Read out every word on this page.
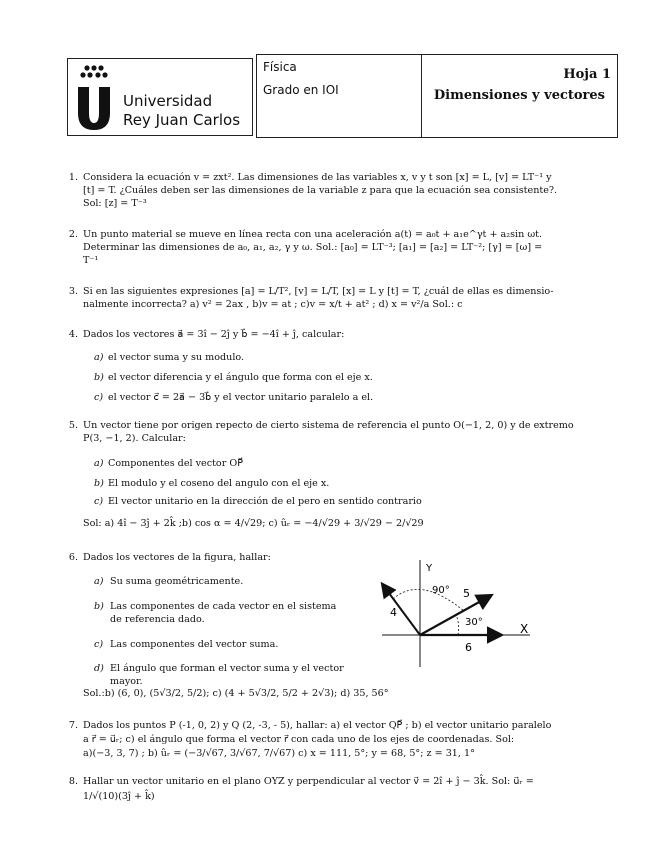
Universidad
Rey Juan Carlos
Física
Grado en IOI
Hoja 1
Dimensiones y vectores
1. Considera la ecuación v = zxt². Las dimensiones de las variables x, v y t son [x] = L, [v] = LT⁻¹ y
[t] = T. ¿Cuáles deben ser las dimensiones de la variable z para que la ecuación sea consistente?.
Sol: [z] = T⁻³
2. Un punto material se mueve en línea recta con una aceleración a(t) = a₀t + a₁e^γt + a₂sin ωt.
Determinar las dimensiones de a₀, a₁, a₂, γ y ω. Sol.: [a₀] = LT⁻³; [a₁] = [a₂] = LT⁻²; [γ] = [ω] =
T⁻¹
3. Si en las siguientes expresiones [a] = L/T², [v] = L/T, [x] = L y [t] = T, ¿cuál de ellas es dimensio-
nalmente incorrecta? a) v² = 2ax , b)v = at ; c)v = x/t + at² ; d) x = v²/a Sol.: c
4. Dados los vectores a⃗ = 3î − 2ĵ y b⃗ = −4î + ĵ, calcular:
a) el vector suma y su modulo.
b) el vector diferencia y el ángulo que forma con el eje x.
c) el vector c⃗ = 2a⃗ − 3b⃗ y el vector unitario paralelo a el.
5. Un vector tiene por origen repecto de cierto sistema de referencia el punto O(−1, 2, 0) y de extremo
P(3, −1, 2). Calcular:
a) Componentes del vector OP⃗
b) El modulo y el coseno del angulo con el eje x.
c) El vector unitario en la dirección de el pero en sentido contrario
Sol: a) 4î − 3ĵ + 2k̂ ;b) cos α = 4/√29; c) ûᵣ = −4/√29 + 3/√29 − 2/√29
6. Dados los vectores de la figura, hallar:
a) Su suma geométricamente.
b) Las componentes de cada vector en el sistema
de referencia dado.
c) Las componentes del vector suma.
d) El ángulo que forman el vector suma y el vector
mayor.
Sol.:b) (6, 0), (5√3/2, 5/2); c) (4 + 5√3/2, 5/2 + 2√3); d) 35, 56°
Y
X
90°
30°
5
4
6
7. Dados los puntos P (-1, 0, 2) y Q (2, -3, - 5), hallar: a) el vector QP⃗ ; b) el vector unitario paralelo
a r⃗ = u⃗ᵣ; c) el ángulo que forma el vector r⃗ con cada uno de los ejes de coordenadas. Sol:
a)(−3, 3, 7) ; b) ûᵣ = (−3/√67, 3/√67, 7/√67) c) x = 111, 5°; y = 68, 5°; z = 31, 1°
8. Hallar un vector unitario en el plano OYZ y perpendicular al vector v⃗ = 2î + ĵ − 3k̂. Sol: u⃗ᵣ =
1/√(10)(3ĵ + k̂)
